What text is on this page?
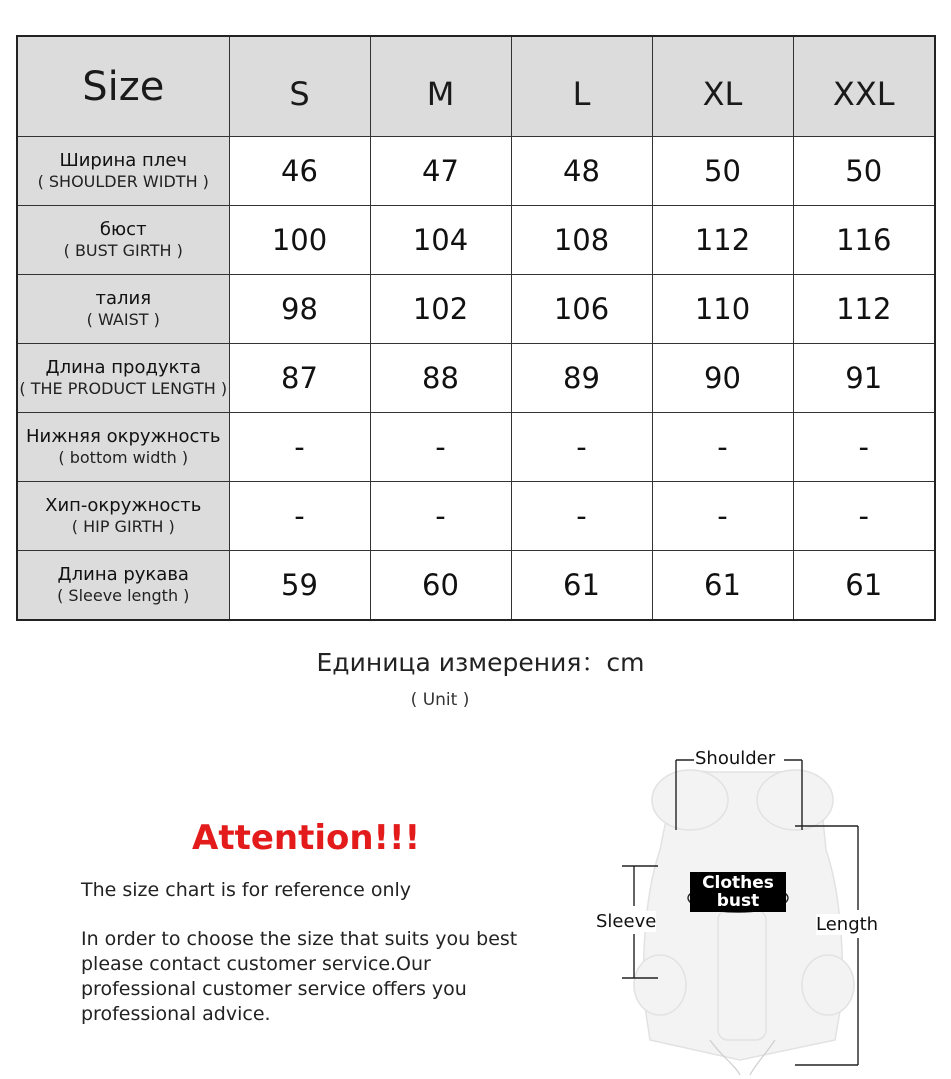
Size	S	M	L	XL	XXL

Ширина плеч
( SHOULDER WIDTH )	46	47	48	50	50

бюст
( BUST GIRTH )	100	104	108	112	116

талия
( WAIST )	98	102	106	110	112

Длина продукта
( THE PRODUCT LENGTH )	87	88	89	90	91

Нижняя окружность
( bottom width )	-	-	-	-	-

Хип-окружность
( HIP GIRTH )	-	-	-	-	-

Длина рукава
( Sleeve length )	59	60	61	61	61
Единица измерения：cm
( Unit )
Attention!!!
The size chart is for reference only
In order to choose the size that suits you best please contact customer service.Our professional customer service offers you professional advice.
Shoulder
Sleeve	Length
Clothes
bust
